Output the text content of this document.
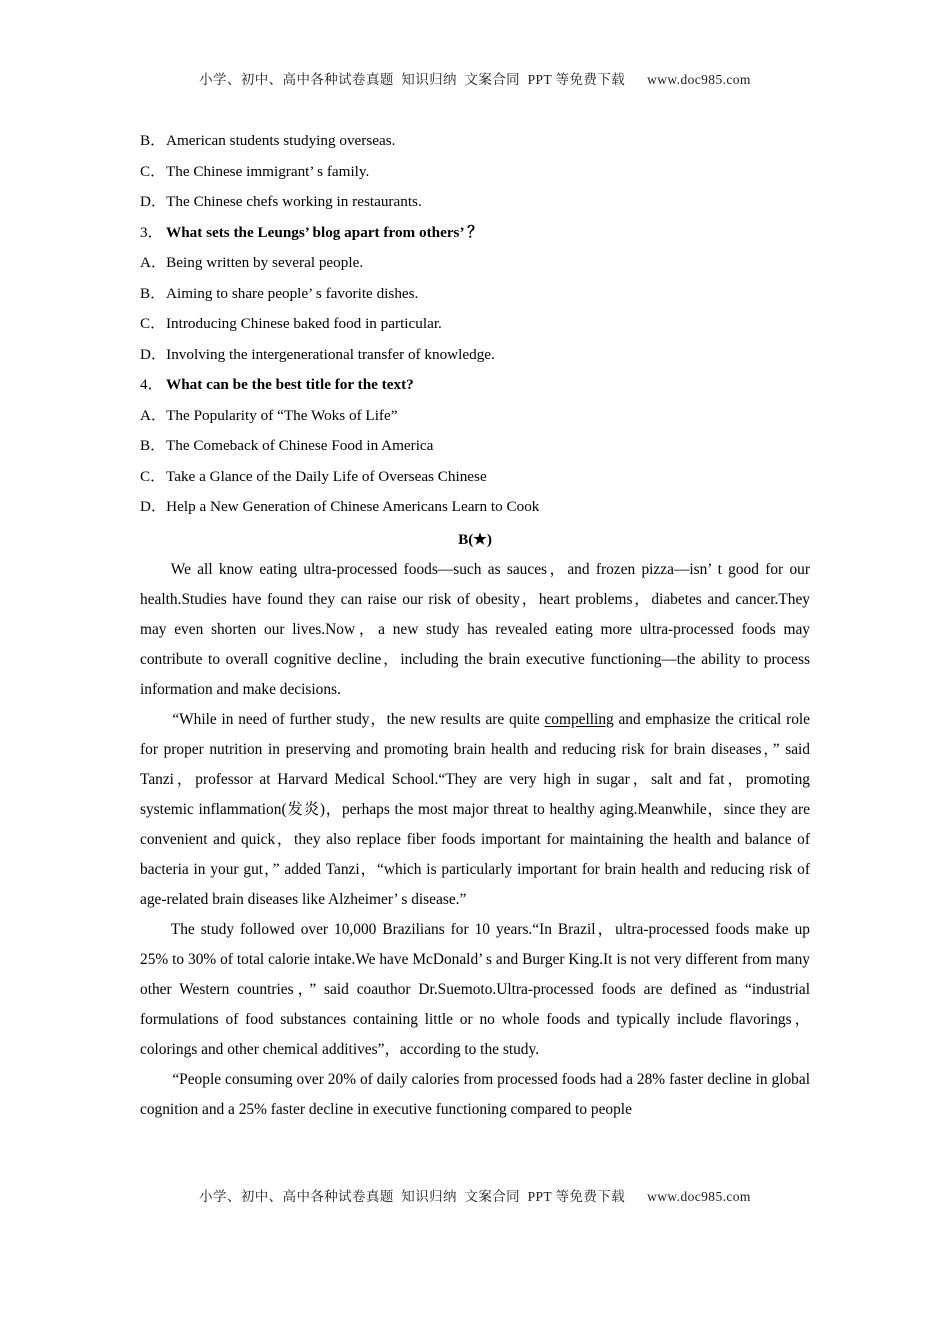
小学、初中、高中各种试卷真题  知识归纳  文案合同  PPT 等免费下载 www.doc985.com

B．American students studying overseas.

C．The Chinese immigrant’ s family.

D．The Chinese chefs working in restaurants.

3． What sets the Leungs’ blog apart from others’ ？

A．Being written by several people.

B．Aiming to share people’ s favorite dishes.

C．Introducing Chinese baked food in particular.

D．Involving the intergenerational transfer of knowledge.

4． What can be the best title for the text?

A．The Popularity of “The Woks of Life”

B．The Comeback of Chinese Food in America

C．Take a Glance of the Daily Life of Overseas Chinese

D．Help a New Generation of Chinese Americans Learn to Cook

B(★)

We all know eating ultra-processed foods—such as sauces，and frozen pizza—isn’ t good for our health.Studies have found they can raise our risk of obesity，heart problems，diabetes and cancer.They may even shorten our lives.Now，a new study has revealed eating more ultra-processed foods may contribute to overall cognitive decline，including the brain executive functioning—the ability to process information and make decisions.

“While in need of further study，the new results are quite compelling and emphasize the critical role for proper nutrition in preserving and promoting brain health and reducing risk for brain diseases，” said Tanzi，professor at Harvard Medical School.“They are very high in sugar，salt and fat，promoting systemic inflammation(发炎)，perhaps the most major threat to healthy aging.Meanwhile，since they are convenient and quick，they also replace fiber foods important for maintaining the health and balance of bacteria in your gut，” added Tanzi，“which is particularly important for brain health and reducing risk of age-related brain diseases like Alzheimer’ s disease.”

The study followed over 10,000 Brazilians for 10 years.“In Brazil，ultra-processed foods make up 25% to 30% of total calorie intake.We have McDonald’ s and Burger King.It is not very different from many other Western countries，” said coauthor Dr.Suemoto.Ultra-processed foods are defined as “industrial formulations of food substances containing little or no whole foods and typically include flavorings，colorings and other chemical additives”，according to the study.

“People consuming over 20% of daily calories from processed foods had a 28% faster decline in global cognition and a 25% faster decline in executive functioning compared to people

小学、初中、高中各种试卷真题  知识归纳  文案合同  PPT 等免费下载 www.doc985.com
